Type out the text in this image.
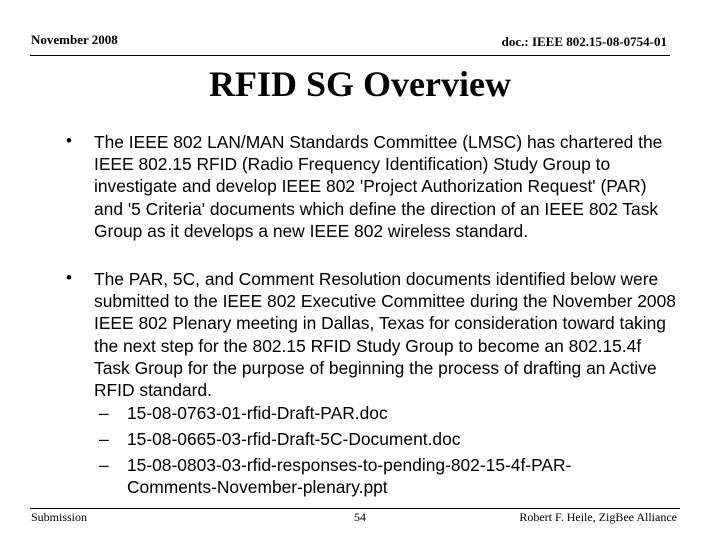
November 2008	doc.: IEEE 802.15-08-0754-01
RFID SG Overview
• The IEEE 802 LAN/MAN Standards Committee (LMSC) has chartered the IEEE 802.15 RFID (Radio Frequency Identification) Study Group to investigate and develop IEEE 802 'Project Authorization Request' (PAR) and '5 Criteria' documents which define the direction of an IEEE 802 Task Group as it develops a new IEEE 802 wireless standard.
• The PAR, 5C, and Comment Resolution documents identified below were submitted to the IEEE 802 Executive Committee during the November 2008 IEEE 802 Plenary meeting in Dallas, Texas for consideration toward taking the next step for the 802.15 RFID Study Group to become an 802.15.4f Task Group for the purpose of beginning the process of drafting an Active RFID standard.
– 15-08-0763-01-rfid-Draft-PAR.doc
– 15-08-0665-03-rfid-Draft-5C-Document.doc
– 15-08-0803-03-rfid-responses-to-pending-802-15-4f-PAR-Comments-November-plenary.ppt
Submission	54	Robert F. Heile, ZigBee Alliance
